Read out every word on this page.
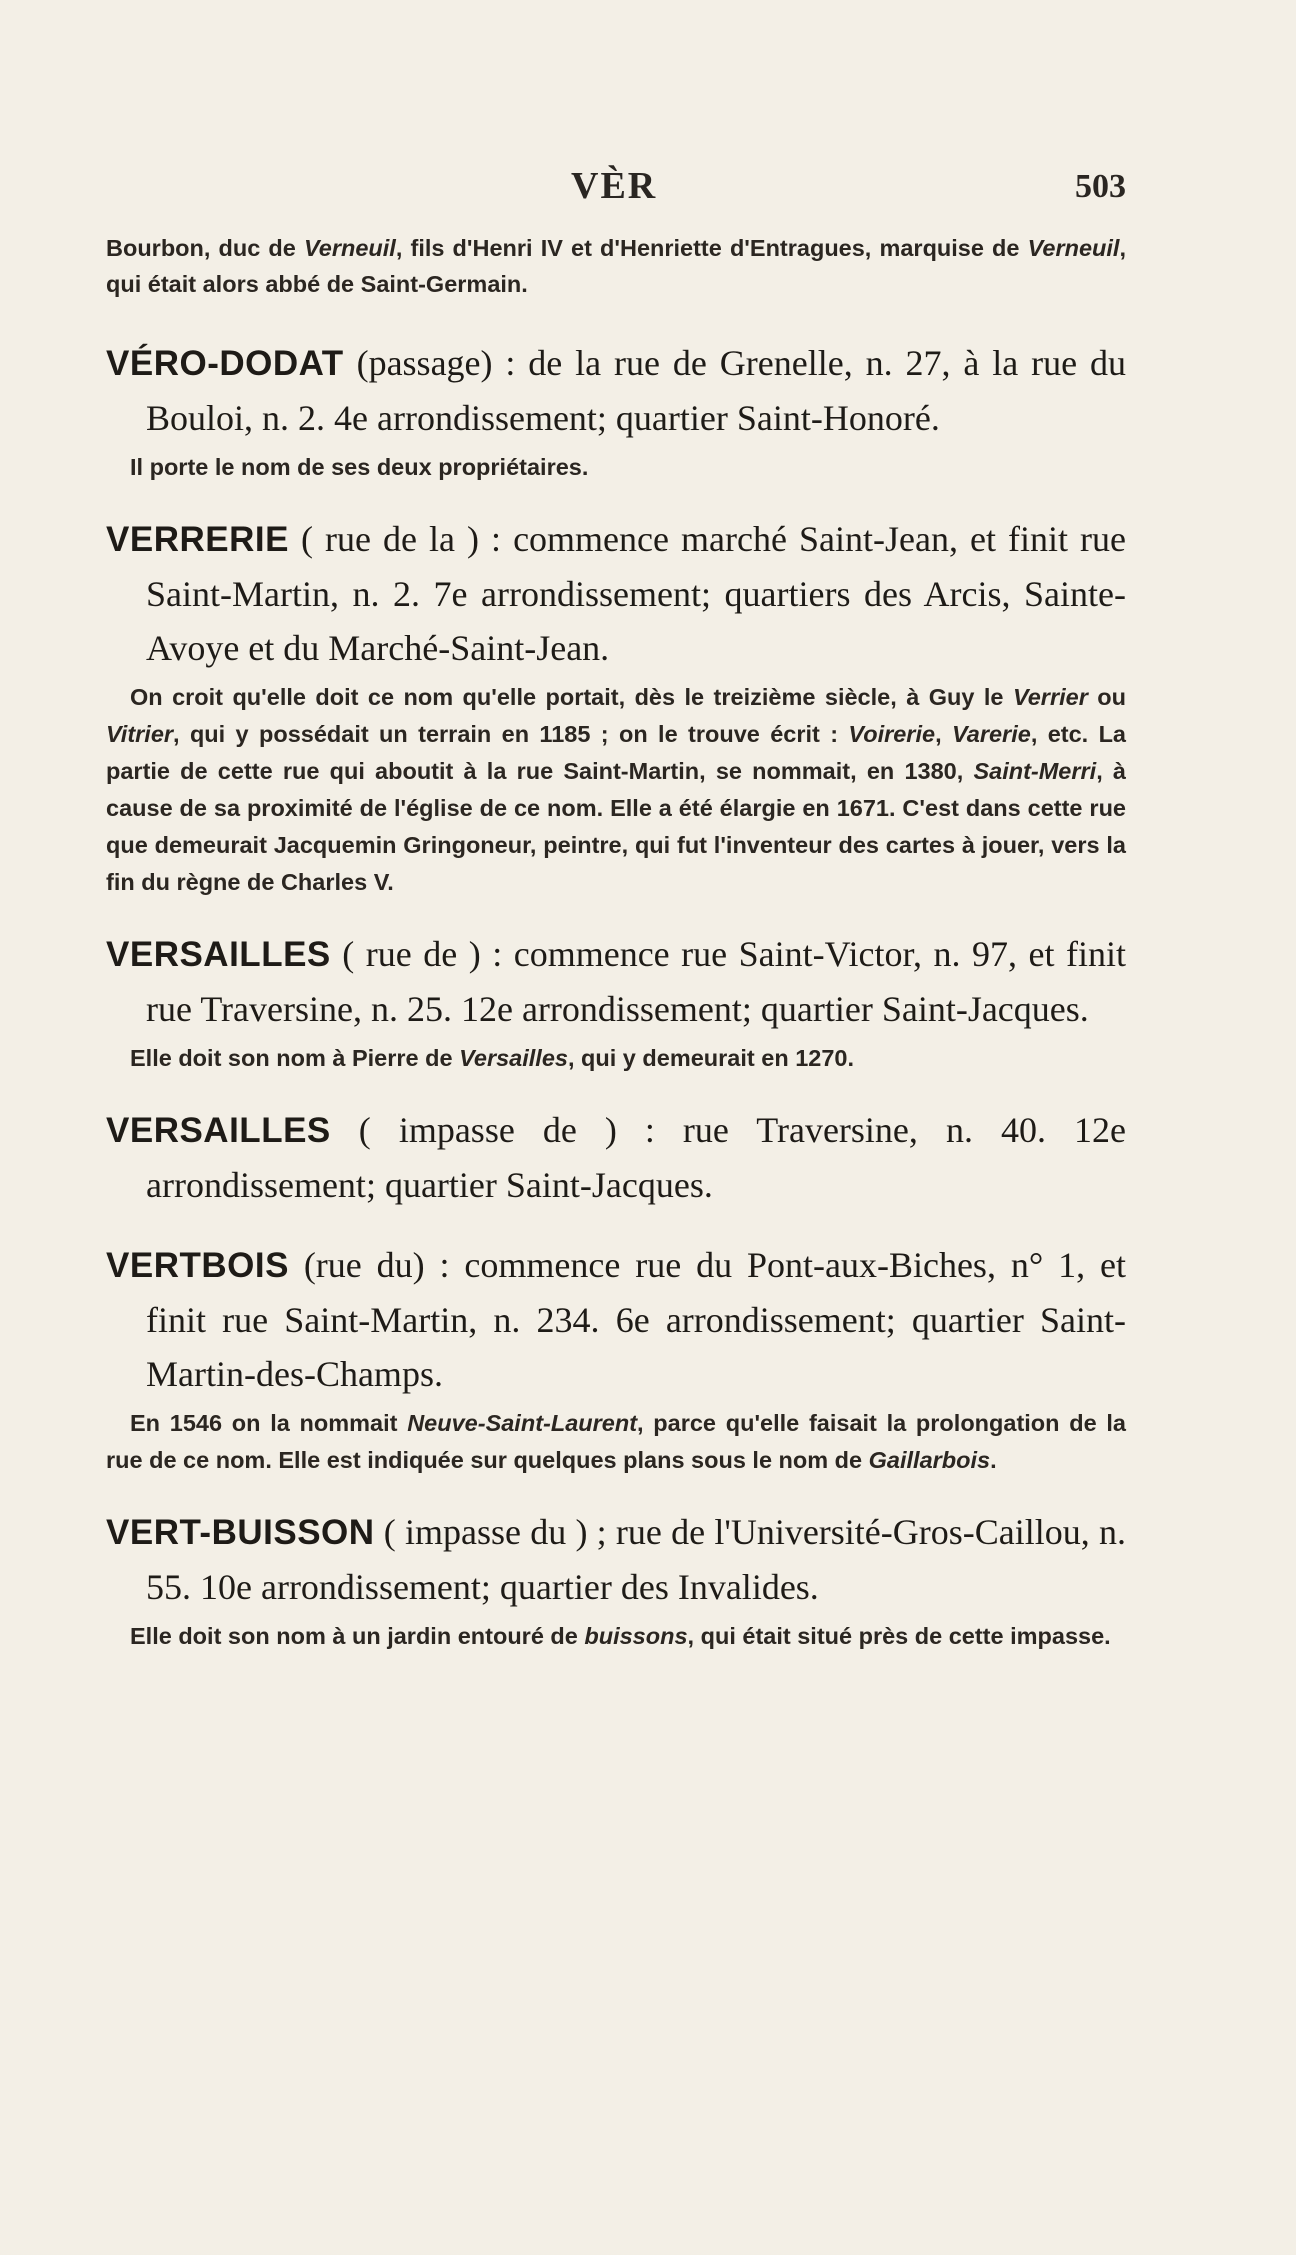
VÈR	503

Bourbon, duc de Verneuil, fils d'Henri IV et d'Henriette d'Entragues, marquise de Verneuil, qui était alors abbé de Saint-Germain.

VÉRO-DODAT (passage) : de la rue de Grenelle, n. 27, à la rue du Bouloi, n. 2. 4e arrondissement; quartier Saint-Honoré.

Il porte le nom de ses deux propriétaires.

VERRERIE ( rue de la ) : commence marché Saint-Jean, et finit rue Saint-Martin, n. 2. 7e arrondissement; quartiers des Arcis, Sainte-Avoye et du Marché-Saint-Jean.

On croit qu'elle doit ce nom qu'elle portait, dès le treizième siècle, à Guy le Verrier ou Vitrier, qui y possédait un terrain en 1185 ; on le trouve écrit : Voirerie, Varerie, etc. La partie de cette rue qui aboutit à la rue Saint-Martin, se nommait, en 1380, Saint-Merri, à cause de sa proximité de l'église de ce nom. Elle a été élargie en 1671. C'est dans cette rue que demeurait Jacquemin Gringoneur, peintre, qui fut l'inventeur des cartes à jouer, vers la fin du règne de Charles V.

VERSAILLES ( rue de ) : commence rue Saint-Victor, n. 97, et finit rue Traversine, n. 25. 12e arrondissement; quartier Saint-Jacques.

Elle doit son nom à Pierre de Versailles, qui y demeurait en 1270.

VERSAILLES ( impasse de ) : rue Traversine, n. 40. 12e arrondissement; quartier Saint-Jacques.

VERTBOIS (rue du) : commence rue du Pont-aux-Biches, n° 1, et finit rue Saint-Martin, n. 234. 6e arrondissement; quartier Saint-Martin-des-Champs.

En 1546 on la nommait Neuve-Saint-Laurent, parce qu'elle faisait la prolongation de la rue de ce nom. Elle est indiquée sur quelques plans sous le nom de Gaillarbois.

VERT-BUISSON ( impasse du ) ; rue de l'Université-Gros-Caillou, n. 55. 10e arrondissement; quartier des Invalides.

Elle doit son nom à un jardin entouré de buissons, qui était situé près de cette impasse.
